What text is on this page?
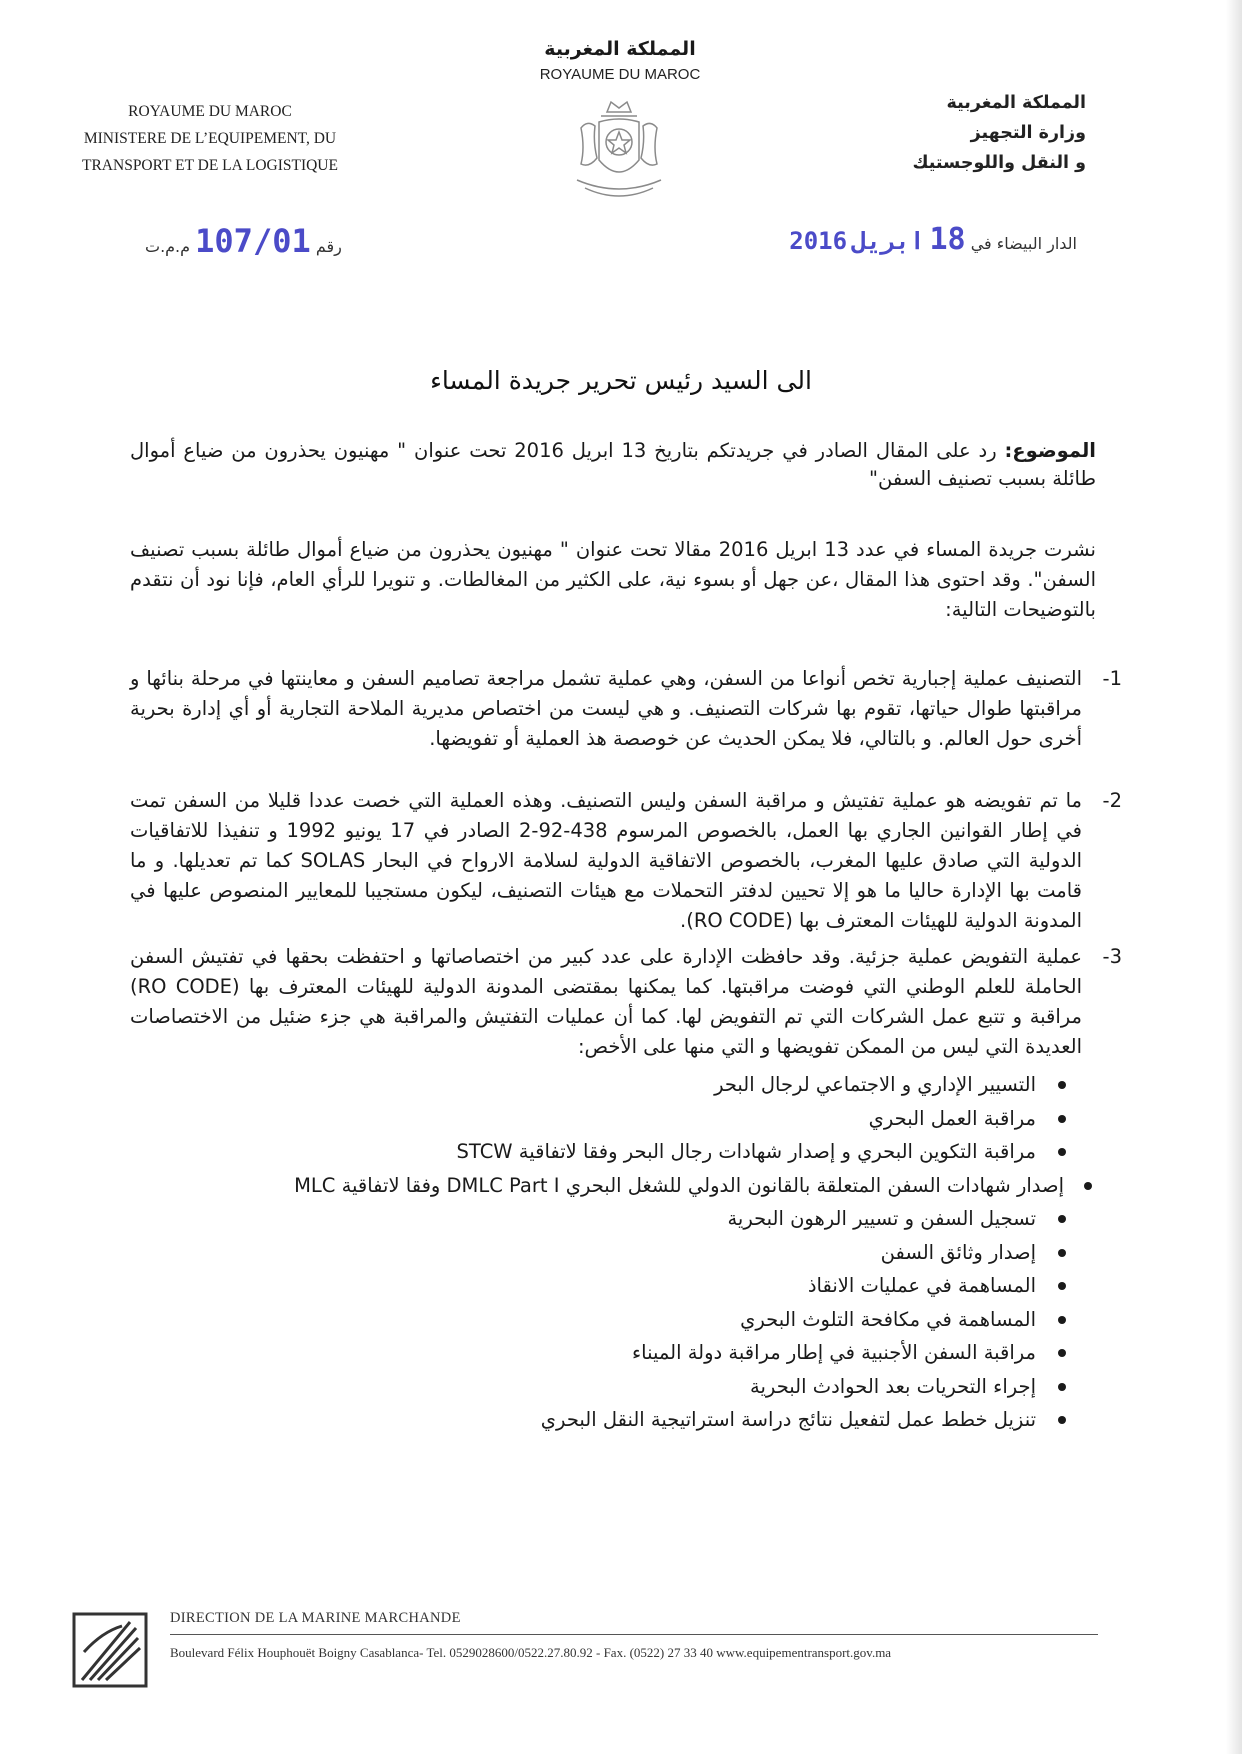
ROYAUME DU MAROC
MINISTERE DE L’EQUIPEMENT, DU
TRANSPORT ET DE LA LOGISTIQUE
المملكة المغربية
ROYAUME DU MAROC
المملكة المغربية
وزارة التجهيز
و النقل واللوجستيك
رقم 107/01 م.م.ت	الدار البيضاء في 18 ابريل 2016
الى السيد رئيس تحرير جريدة المساء
الموضوع: رد على المقال الصادر في جريدتكم بتاريخ 13 ابريل 2016 تحت عنوان " مهنيون يحذرون من ضياع أموال طائلة بسبب تصنيف السفن"
نشرت جريدة المساء في عدد 13 ابريل 2016 مقالا تحت عنوان " مهنيون يحذرون من ضياع أموال طائلة بسبب تصنيف السفن". وقد احتوى هذا المقال ،عن جهل أو بسوء نية، على الكثير من المغالطات. و تنويرا للرأي العام، فإنا نود أن نتقدم بالتوضيحات التالية:
1-
التصنيف عملية إجبارية تخص أنواعا من السفن، وهي عملية تشمل مراجعة تصاميم السفن و معاينتها في مرحلة بنائها و مراقبتها طوال حياتها، تقوم بها شركات التصنيف. و هي ليست من اختصاص مديرية الملاحة التجارية أو أي إدارة بحرية أخرى حول العالم. و بالتالي، فلا يمكن الحديث عن خوصصة هذ العملية أو تفويضها.
2-
ما تم تفويضه هو عملية تفتيش و مراقبة السفن وليس التصنيف. وهذه العملية التي خصت عددا قليلا من السفن تمت في إطار القوانين الجاري بها العمل، بالخصوص المرسوم 438-92-2 الصادر في 17 يونيو 1992 و تنفيذا للاتفاقيات الدولية التي صادق عليها المغرب، بالخصوص الاتفاقية الدولية لسلامة الارواح في البحار SOLAS كما تم تعديلها. و ما قامت بها الإدارة حاليا ما هو إلا تحيين لدفتر التحملات مع هيئات التصنيف، ليكون مستجيبا للمعايير المنصوص عليها في المدونة الدولية للهيئات المعترف بها (RO CODE).
3-
عملية التفويض عملية جزئية. وقد حافظت الإدارة على عدد كبير من اختصاصاتها و احتفظت بحقها في تفتيش السفن الحاملة للعلم الوطني التي فوضت مراقبتها. كما يمكنها بمقتضى المدونة الدولية للهيئات المعترف بها (RO CODE) مراقبة و تتبع عمل الشركات التي تم التفويض لها. كما أن عمليات التفتيش والمراقبة هي جزء ضئيل من الاختصاصات العديدة التي ليس من الممكن تفويضها و التي منها على الأخص:
التسيير الإداري و الاجتماعي لرجال البحر
مراقبة العمل البحري
مراقبة التكوين البحري و إصدار شهادات رجال البحر وفقا لاتفاقية STCW
إصدار شهادات السفن المتعلقة بالقانون الدولي للشغل البحري DMLC Part I وفقا لاتفاقية MLC
تسجيل السفن و تسيير الرهون البحرية
إصدار وثائق السفن
المساهمة في عمليات الانقاذ
المساهمة في مكافحة التلوث البحري
مراقبة السفن الأجنبية في إطار مراقبة دولة الميناء
إجراء التحريات بعد الحوادث البحرية
تنزيل خطط عمل لتفعيل نتائج دراسة استراتيجية النقل البحري
DIRECTION DE LA MARINE MARCHANDE
Boulevard Félix Houphouët Boigny Casablanca- Tel. 0529028600/0522.27.80.92 - Fax. (0522) 27 33 40 www.equipementransport.gov.ma
